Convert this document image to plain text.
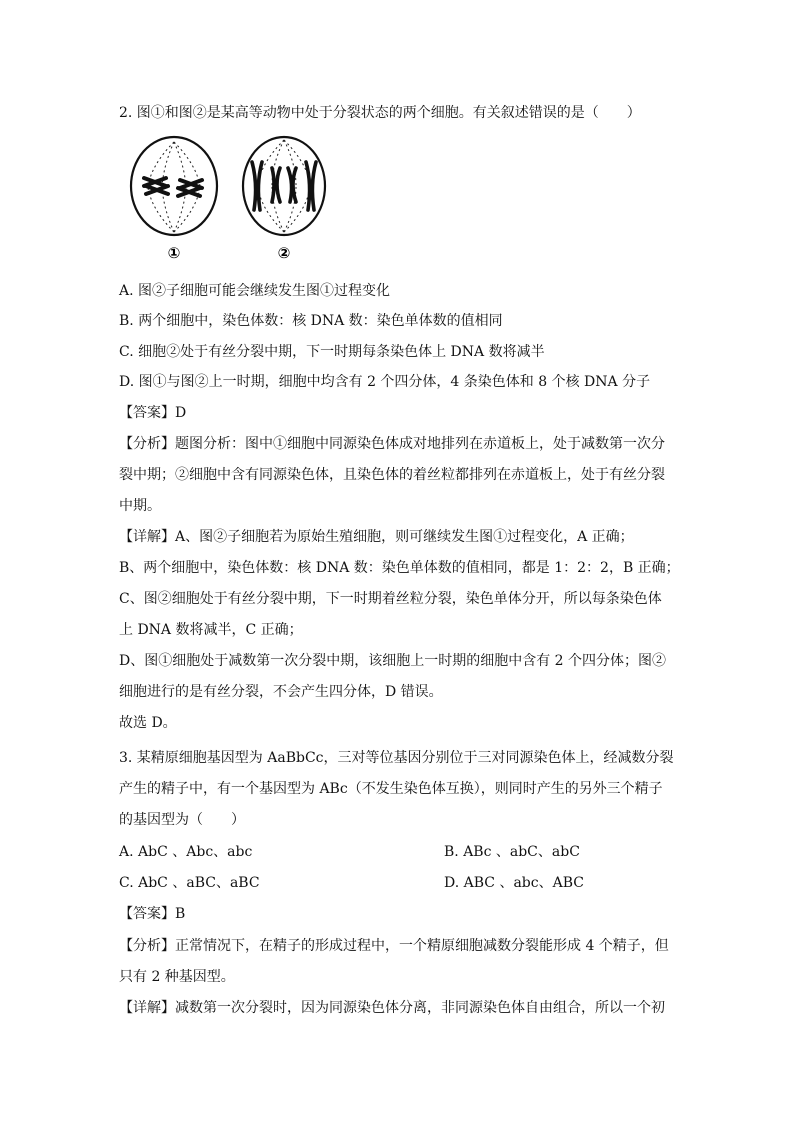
2. 图①和图②是某高等动物中处于分裂状态的两个细胞。有关叙述错误的是（　　）
①	②
A. 图②子细胞可能会继续发生图①过程变化
B. 两个细胞中，染色体数：核 DNA 数：染色单体数的值相同
C. 细胞②处于有丝分裂中期，下一时期每条染色体上 DNA 数将减半
D. 图①与图②上一时期，细胞中均含有 2 个四分体，4 条染色体和 8 个核 DNA 分子
【答案】D
【分析】题图分析：图中①细胞中同源染色体成对地排列在赤道板上，处于减数第一次分
裂中期；②细胞中含有同源染色体，且染色体的着丝粒都排列在赤道板上，处于有丝分裂
中期。
【详解】A、图②子细胞若为原始生殖细胞，则可继续发生图①过程变化，A 正确；
B、两个细胞中，染色体数：核 DNA 数：染色单体数的值相同，都是 1：2：2，B 正确；
C、图②细胞处于有丝分裂中期，下一时期着丝粒分裂，染色单体分开，所以每条染色体
上 DNA 数将减半，C 正确；
D、图①细胞处于减数第一次分裂中期，该细胞上一时期的细胞中含有 2 个四分体；图②
细胞进行的是有丝分裂，不会产生四分体，D 错误。
故选 D。
3. 某精原细胞基因型为 AaBbCc，三对等位基因分别位于三对同源染色体上，经减数分裂
产生的精子中，有一个基因型为 ABc（不发生染色体互换），则同时产生的另外三个精子
的基因型为（　　）
A. AbC 、Abc、abc	B. ABc 、abC、abC
C. AbC 、aBC、aBC	D. ABC 、abc、ABC
【答案】B
【分析】正常情况下，在精子的形成过程中，一个精原细胞减数分裂能形成 4 个精子，但
只有 2 种基因型。
【详解】减数第一次分裂时，因为同源染色体分离，非同源染色体自由组合，所以一个初
